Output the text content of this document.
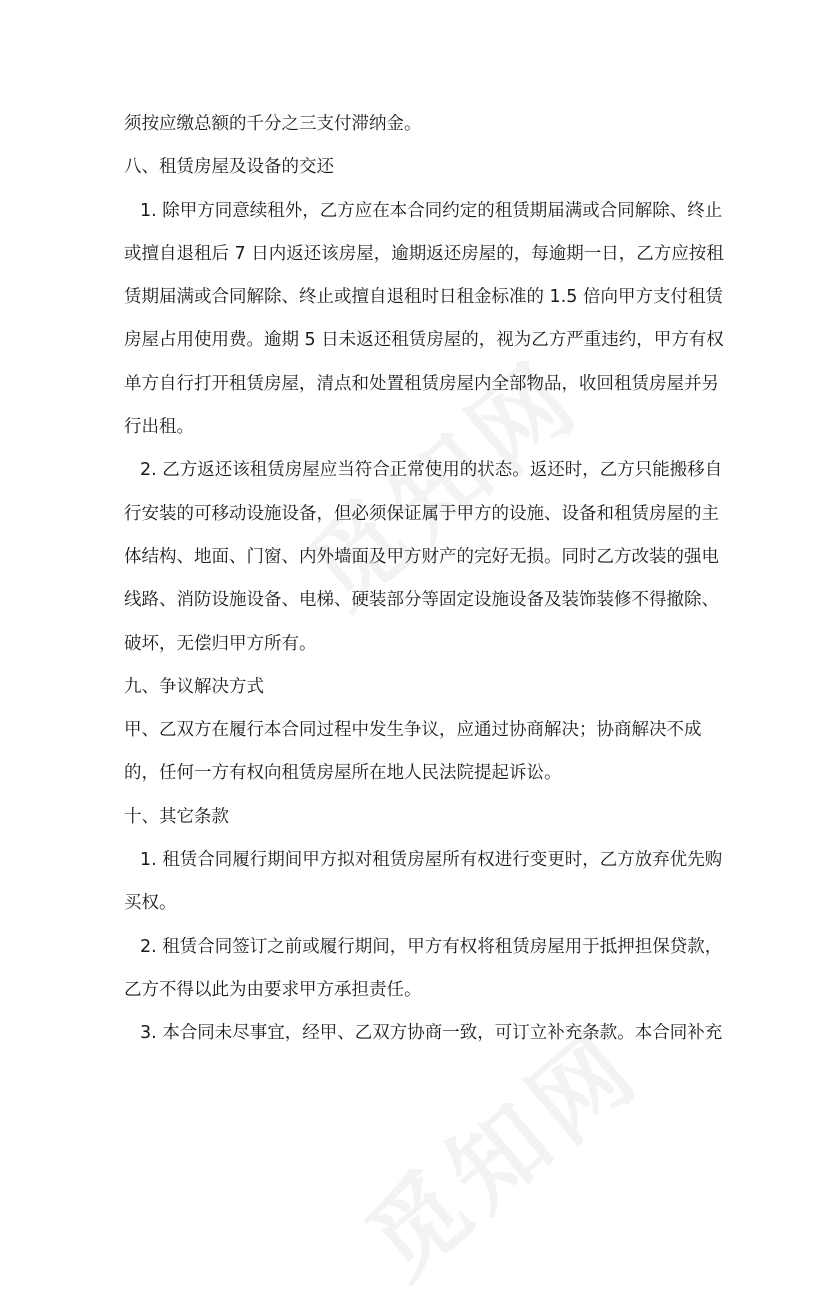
须按应缴总额的千分之三支付滞纳金。
八、租赁房屋及设备的交还
1. 除甲方同意续租外，乙方应在本合同约定的租赁期届满或合同解除、终止
或擅自退租后 7 日内返还该房屋，逾期返还房屋的，每逾期一日，乙方应按租
赁期届满或合同解除、终止或擅自退租时日租金标准的 1.5 倍向甲方支付租赁
房屋占用使用费。逾期 5 日未返还租赁房屋的，视为乙方严重违约，甲方有权
单方自行打开租赁房屋，清点和处置租赁房屋内全部物品，收回租赁房屋并另
行出租。
2. 乙方返还该租赁房屋应当符合正常使用的状态。返还时，乙方只能搬移自
行安装的可移动设施设备，但必须保证属于甲方的设施、设备和租赁房屋的主
体结构、地面、门窗、内外墙面及甲方财产的完好无损。同时乙方改装的强电
线路、消防设施设备、电梯、硬装部分等固定设施设备及装饰装修不得撤除、
破坏，无偿归甲方所有。
九、争议解决方式
甲、乙双方在履行本合同过程中发生争议，应通过协商解决；协商解决不成
的，任何一方有权向租赁房屋所在地人民法院提起诉讼。
十、其它条款
1. 租赁合同履行期间甲方拟对租赁房屋所有权进行变更时，乙方放弃优先购
买权。
2. 租赁合同签订之前或履行期间，甲方有权将租赁房屋用于抵押担保贷款，
乙方不得以此为由要求甲方承担责任。
3. 本合同未尽事宜，经甲、乙双方协商一致，可订立补充条款。本合同补充
